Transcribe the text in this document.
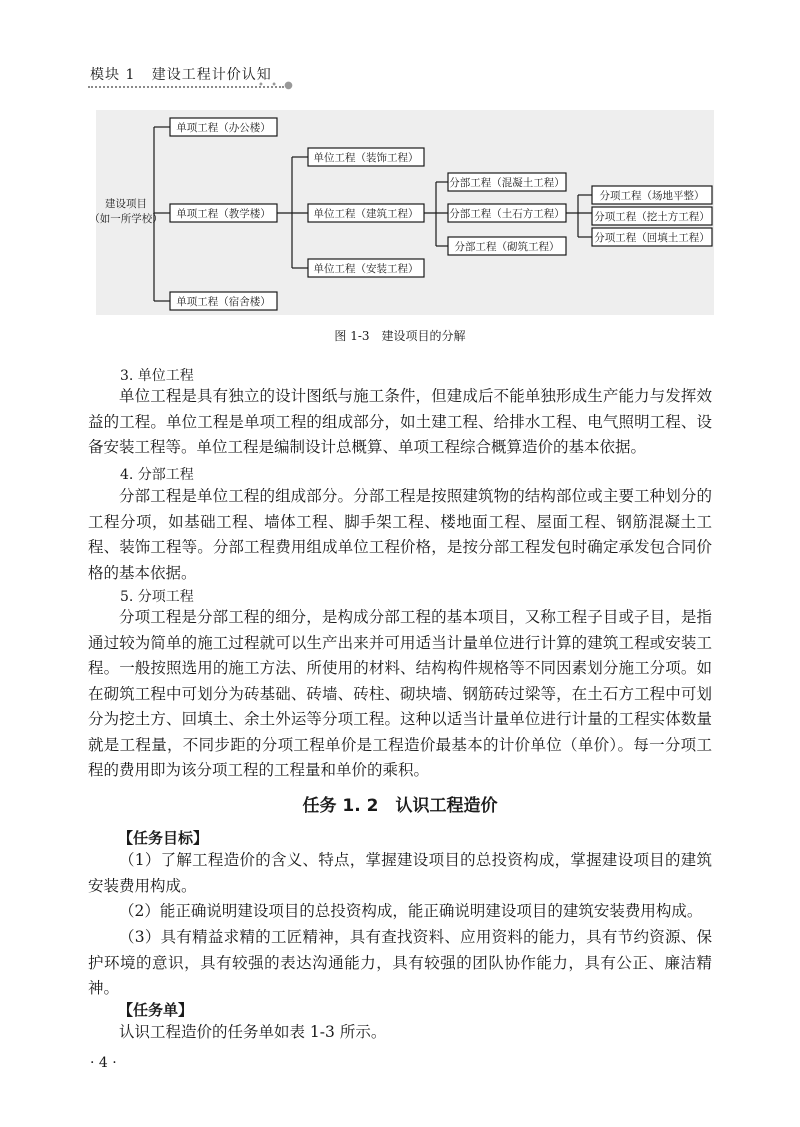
模块 1 建设工程计价认知
• • ●
建设项目
（如一所学校）
单项工程（办公楼）
单项工程（教学楼）
单项工程（宿舍楼）
单位工程（装饰工程）
单位工程（建筑工程）
单位工程（安装工程）
分部工程（混凝土工程）
分部工程（土石方工程）
分部工程（砌筑工程）
分项工程（场地平整）
分项工程（挖土方工程）
分项工程（回填土工程）
图 1-3　建设项目的分解
3. 单位工程
单位工程是具有独立的设计图纸与施工条件，但建成后不能单独形成生产能力与发挥效益的工程。单位工程是单项工程的组成部分，如土建工程、给排水工程、电气照明工程、设备安装工程等。单位工程是编制设计总概算、单项工程综合概算造价的基本依据。
4. 分部工程
分部工程是单位工程的组成部分。分部工程是按照建筑物的结构部位或主要工种划分的工程分项，如基础工程、墙体工程、脚手架工程、楼地面工程、屋面工程、钢筋混凝土工程、装饰工程等。分部工程费用组成单位工程价格，是按分部工程发包时确定承发包合同价格的基本依据。
5. 分项工程
分项工程是分部工程的细分，是构成分部工程的基本项目，又称工程子目或子目，是指通过较为简单的施工过程就可以生产出来并可用适当计量单位进行计算的建筑工程或安装工程。一般按照选用的施工方法、所使用的材料、结构构件规格等不同因素划分施工分项。如在砌筑工程中可划分为砖基础、砖墙、砖柱、砌块墙、钢筋砖过梁等，在土石方工程中可划分为挖土方、回填土、余土外运等分项工程。这种以适当计量单位进行计量的工程实体数量就是工程量，不同步距的分项工程单价是工程造价最基本的计价单位（单价）。每一分项工程的费用即为该分项工程的工程量和单价的乘积。
任务 1. 2　认识工程造价
【任务目标】
（1）了解工程造价的含义、特点，掌握建设项目的总投资构成，掌握建设项目的建筑安装费用构成。
（2）能正确说明建设项目的总投资构成，能正确说明建设项目的建筑安装费用构成。
（3）具有精益求精的工匠精神，具有查找资料、应用资料的能力，具有节约资源、保护环境的意识，具有较强的表达沟通能力，具有较强的团队协作能力，具有公正、廉洁精神。
【任务单】
认识工程造价的任务单如表 1-3 所示。
· 4 ·
